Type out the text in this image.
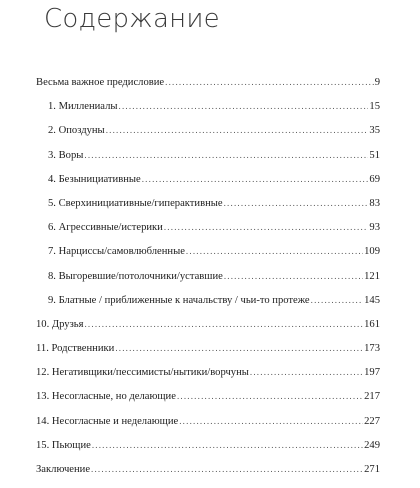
Содержание
Весьма важное предисловие .....	9
1. Миллениалы .....	15
2. Опоздуны .....	35
3. Воры .....	51
4. Безынициативные .....	69
5. Сверхинициативные/гиперактивные .....	83
6. Агрессивные/истерики .....	93
7. Нарциссы/самовлюбленные .....	109
8. Выгоревшие/потолочники/уставшие .....	121
9. Блатные / приближенные к начальству / чьи-то протеже .....	145
10. Друзья .....	161
11. Родственники .....	173
12. Негативщики/пессимисты/нытики/ворчуны .....	197
13. Несогласные, но делающие .....	217
14. Несогласные и неделающие .....	227
15. Пьющие .....	249
Заключение .....	271
